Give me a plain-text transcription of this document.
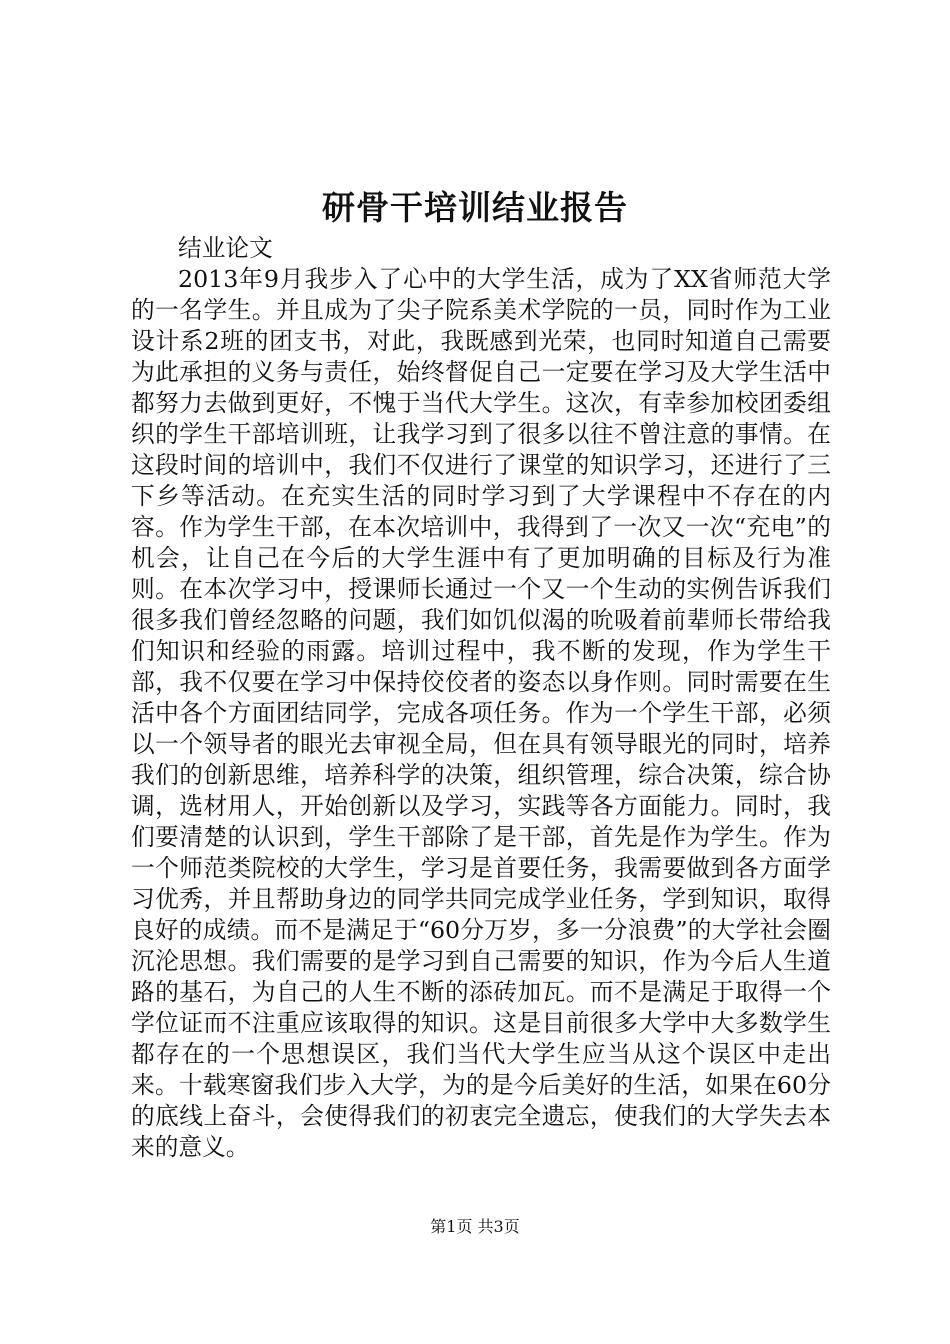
研骨干培训结业报告

结业论文

2013年9月我步入了心中的大学生活，成为了XX省师范大学的一名学生。并且成为了尖子院系美术学院的一员，同时作为工业设计系2班的团支书，对此，我既感到光荣，也同时知道自己需要为此承担的义务与责任，始终督促自己一定要在学习及大学生活中都努力去做到更好，不愧于当代大学生。这次，有幸参加校团委组织的学生干部培训班，让我学习到了很多以往不曾注意的事情。在这段时间的培训中，我们不仅进行了课堂的知识学习，还进行了三下乡等活动。在充实生活的同时学习到了大学课程中不存在的内容。作为学生干部，在本次培训中，我得到了一次又一次“充电”的机会，让自己在今后的大学生涯中有了更加明确的目标及行为准则。在本次学习中，授课师长通过一个又一个生动的实例告诉我们很多我们曾经忽略的问题，我们如饥似渴的吮吸着前辈师长带给我们知识和经验的雨露。培训过程中，我不断的发现，作为学生干部，我不仅要在学习中保持佼佼者的姿态以身作则。同时需要在生活中各个方面团结同学，完成各项任务。作为一个学生干部，必须以一个领导者的眼光去审视全局，但在具有领导眼光的同时，培养我们的创新思维，培养科学的决策，组织管理，综合决策，综合协调，选材用人，开始创新以及学习，实践等各方面能力。同时，我们要清楚的认识到，学生干部除了是干部，首先是作为学生。作为一个师范类院校的大学生，学习是首要任务，我需要做到各方面学习优秀，并且帮助身边的同学共同完成学业任务，学到知识，取得良好的成绩。而不是满足于“60分万岁，多一分浪费”的大学社会圈沉沦思想。我们需要的是学习到自己需要的知识，作为今后人生道路的基石，为自己的人生不断的添砖加瓦。而不是满足于取得一个学位证而不注重应该取得的知识。这是目前很多大学中大多数学生都存在的一个思想误区，我们当代大学生应当从这个误区中走出来。十载寒窗我们步入大学，为的是今后美好的生活，如果在60分的底线上奋斗，会使得我们的初衷完全遗忘，使我们的大学失去本来的意义。

第1页 共3页
